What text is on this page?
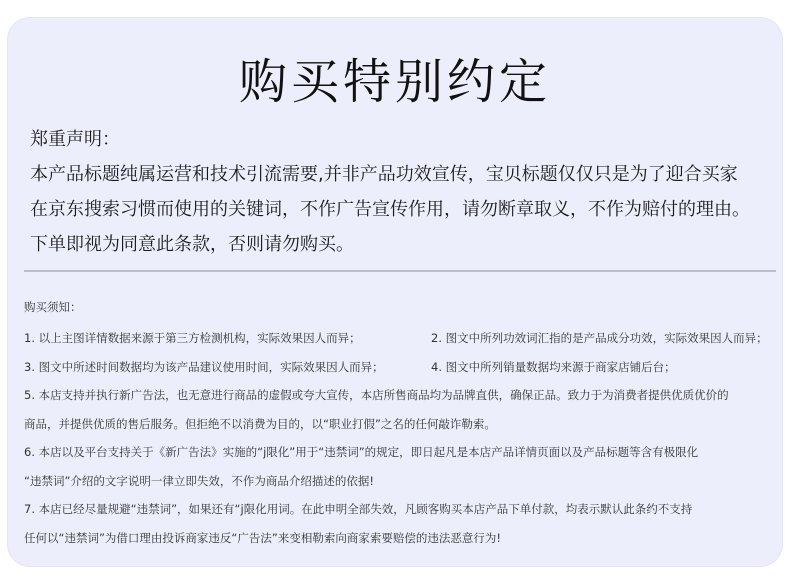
购买特别约定
郑重声明：
本产品标题纯属运营和技术引流需要,并非产品功效宣传，宝贝标题仅仅只是为了迎合买家
在京东搜索习惯而使用的关键词，不作广告宣传作用，请勿断章取义，不作为赔付的理由。
下单即视为同意此条款，否则请勿购买。
购买须知：
1. 以上主图详情数据来源于第三方检测机构，实际效果因人而异；	2. 图文中所列功效词汇指的是产品成分功效，实际效果因人而异；
3. 图文中所述时间数据均为该产品建议使用时间，实际效果因人而异；	4. 图文中所列销量数据均来源于商家店铺后台；
5. 本店支持并执行新广告法，也无意进行商品的虚假或夸大宣传，本店所售商品均为品牌直供，确保正品。致力于为消费者提供优质优价的
商品，并提供优质的售后服务。但拒绝不以消费为目的，以“职业打假”之名的任何敲诈勒索。
6. 本店以及平台支持关于《新广告法》实施的“j限化”用于“违禁词”的规定，即日起凡是本店产品详情页面以及产品标题等含有极限化
“违禁词”介绍的文字说明一律立即失效，不作为商品介绍描述的依据!
7. 本店已经尽量规避“违禁词”，如果还有“j限化用词。在此申明全部失效，凡顾客购买本店产品下单付款，均表示默认此条约不支持
任何以“违禁词”为借口理由投诉商家违反“广告法”来变相勒索向商家索要赔偿的违法恶意行为!
